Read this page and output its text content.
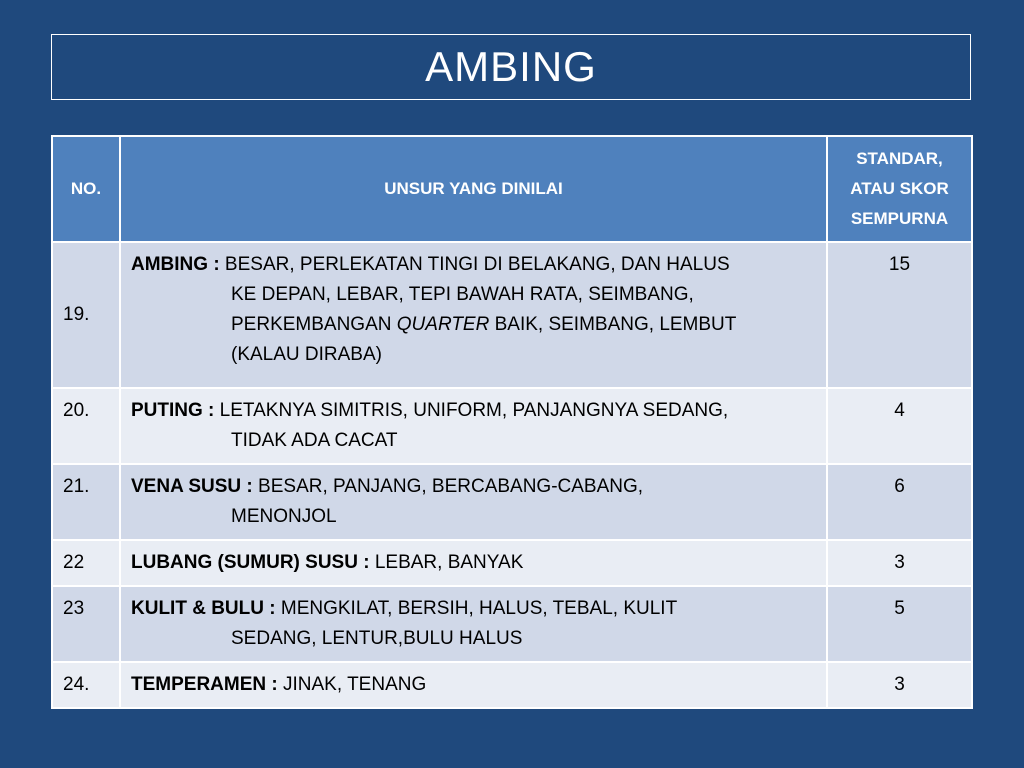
AMBING
NO.	UNSUR YANG DINILAI	STANDAR,
ATAU SKOR
SEMPURNA

19.	AMBING : BESAR, PERLEKATAN TINGI DI BELAKANG, DAN HALUS
KE DEPAN, LEBAR, TEPI BAWAH RATA, SEIMBANG,
PERKEMBANGAN QUARTER BAIK, SEIMBANG, LEMBUT
(KALAU DIRABA)	15
20.	PUTING : LETAKNYA SIMITRIS, UNIFORM, PANJANGNYA SEDANG,
TIDAK ADA CACAT	4
21.	VENA SUSU : BESAR, PANJANG, BERCABANG-CABANG,
MENONJOL	6
22	LUBANG (SUMUR) SUSU : LEBAR, BANYAK	3
23	KULIT & BULU : MENGKILAT, BERSIH, HALUS, TEBAL, KULIT
SEDANG, LENTUR,BULU HALUS	5
24.	TEMPERAMEN : JINAK, TENANG	3
